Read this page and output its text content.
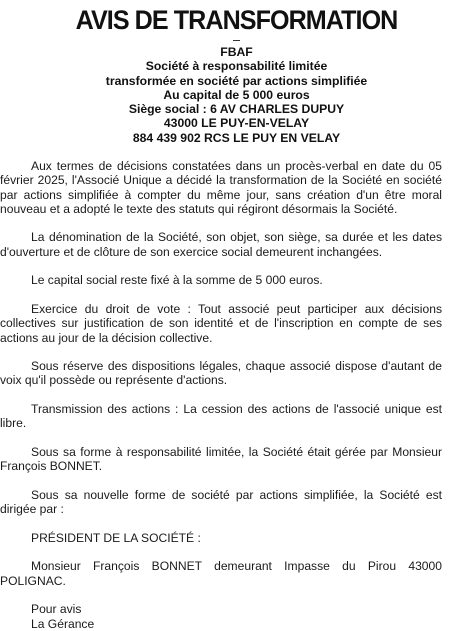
AVIS DE TRANSFORMATION
FBAF
Société à responsabilité limitée
transformée en société par actions simplifiée
Au capital de 5 000 euros
Siège social : 6 AV CHARLES DUPUY
43000 LE PUY-EN-VELAY
884 439 902 RCS LE PUY EN VELAY

Aux termes de décisions constatées dans un procès-verbal en date du 05 février 2025, l'Associé Unique a décidé la transformation de la Société en société par actions simplifiée à compter du même jour, sans création d'un être moral nouveau et a adopté le texte des statuts qui régiront désormais la Société.

La dénomination de la Société, son objet, son siège, sa durée et les dates d'ouverture et de clôture de son exercice social demeurent inchangées.

Le capital social reste fixé à la somme de 5 000 euros.

Exercice du droit de vote : Tout associé peut participer aux décisions collectives sur justification de son identité et de l'inscription en compte de ses actions au jour de la décision collective.

Sous réserve des dispositions légales, chaque associé dispose d'autant de voix qu'il possède ou représente d'actions.

Transmission des actions : La cession des actions de l'associé unique est libre.

Sous sa forme à responsabilité limitée, la Société était gérée par Monsieur François BONNET.

Sous sa nouvelle forme de société par actions simplifiée, la Société est dirigée par :

PRÉSIDENT DE LA SOCIÉTÉ :

Monsieur François BONNET demeurant Impasse du Pirou 43000 POLIGNAC.

Pour avis

La Gérance
